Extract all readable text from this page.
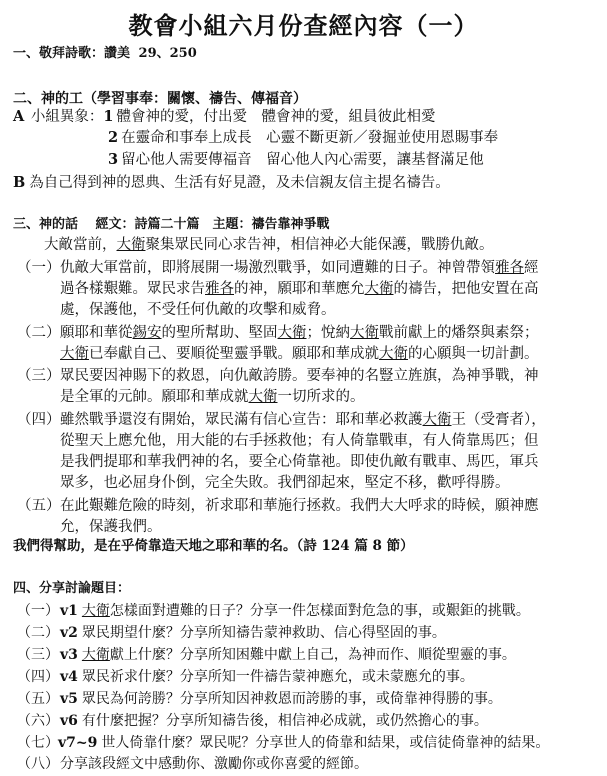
教會小組六月份查經內容（一）
一、敬拜詩歌：讚美 29、250
二、神的工（學習事奉：關懷、禱告、傳福音）
A 小組異象：1 體會神的愛，付出愛　體會神的愛，組員彼此相愛
2 在靈命和事奉上成長　心靈不斷更新／發掘並使用恩賜事奉
3 留心他人需要傳福音　留心他人內心需要，讓基督滿足他
B 為自己得到神的恩典、生活有好見證，及未信親友信主提名禱告。
三、神的話　 經文：詩篇二十篇　主題：禱告靠神爭戰
大敵當前，大衛聚集眾民同心求告神，相信神必大能保護，戰勝仇敵。
（一） 仇敵大軍當前，即將展開一場激烈戰爭，如同遭難的日子。神曾帶領雅各經
過各樣艱難。眾民求告雅各的神，願耶和華應允大衛的禱告，把他安置在高
處，保護他，不受任何仇敵的攻擊和威脅。
（二） 願耶和華從錫安的聖所幫助、堅固大衛；悅納大衛戰前獻上的燔祭與素祭；
大衛已奉獻自己、要順從聖靈爭戰。願耶和華成就大衛的心願與一切計劃。
（三） 眾民要因神賜下的救恩，向仇敵誇勝。要奉神的名豎立旌旗，為神爭戰，神
是全軍的元帥。願耶和華成就大衛一切所求的。
（四） 雖然戰爭還沒有開始，眾民滿有信心宣告：耶和華必救護大衛王（受膏者），
從聖天上應允他，用大能的右手拯救他；有人倚靠戰車，有人倚靠馬匹；但
是我們提耶和華我們神的名，要全心倚靠祂。即使仇敵有戰車、馬匹，軍兵
眾多，也必屈身仆倒，完全失敗。我們卻起來，堅定不移，歡呼得勝。
（五） 在此艱難危險的時刻，祈求耶和華施行拯救。我們大大呼求的時候，願神應
允，保護我們。
我們得幫助，是在乎倚靠造天地之耶和華的名。（詩 124 篇 8 節）
四、分享討論題目：
（一） v1 大衛怎樣面對遭難的日子？分享一件怎樣面對危急的事，或艱鉅的挑戰。
（二） v2 眾民期望什麼？分享所知禱告蒙神救助、信心得堅固的事。
（三） v3 大衛獻上什麼？分享所知困難中獻上自己，為神而作、順從聖靈的事。
（四） v4 眾民祈求什麼？分享所知一件禱告蒙神應允，或未蒙應允的事。
（五） v5 眾民為何誇勝？分享所知因神救恩而誇勝的事，或倚靠神得勝的事。
（六） v6 有什麼把握？分享所知禱告後，相信神必成就，或仍然擔心的事。
（七） v7~9 世人倚靠什麼？眾民呢？分享世人的倚靠和結果，或信徒倚靠神的結果。
（八） 分享該段經文中感動你、激勵你或你喜愛的經節。
